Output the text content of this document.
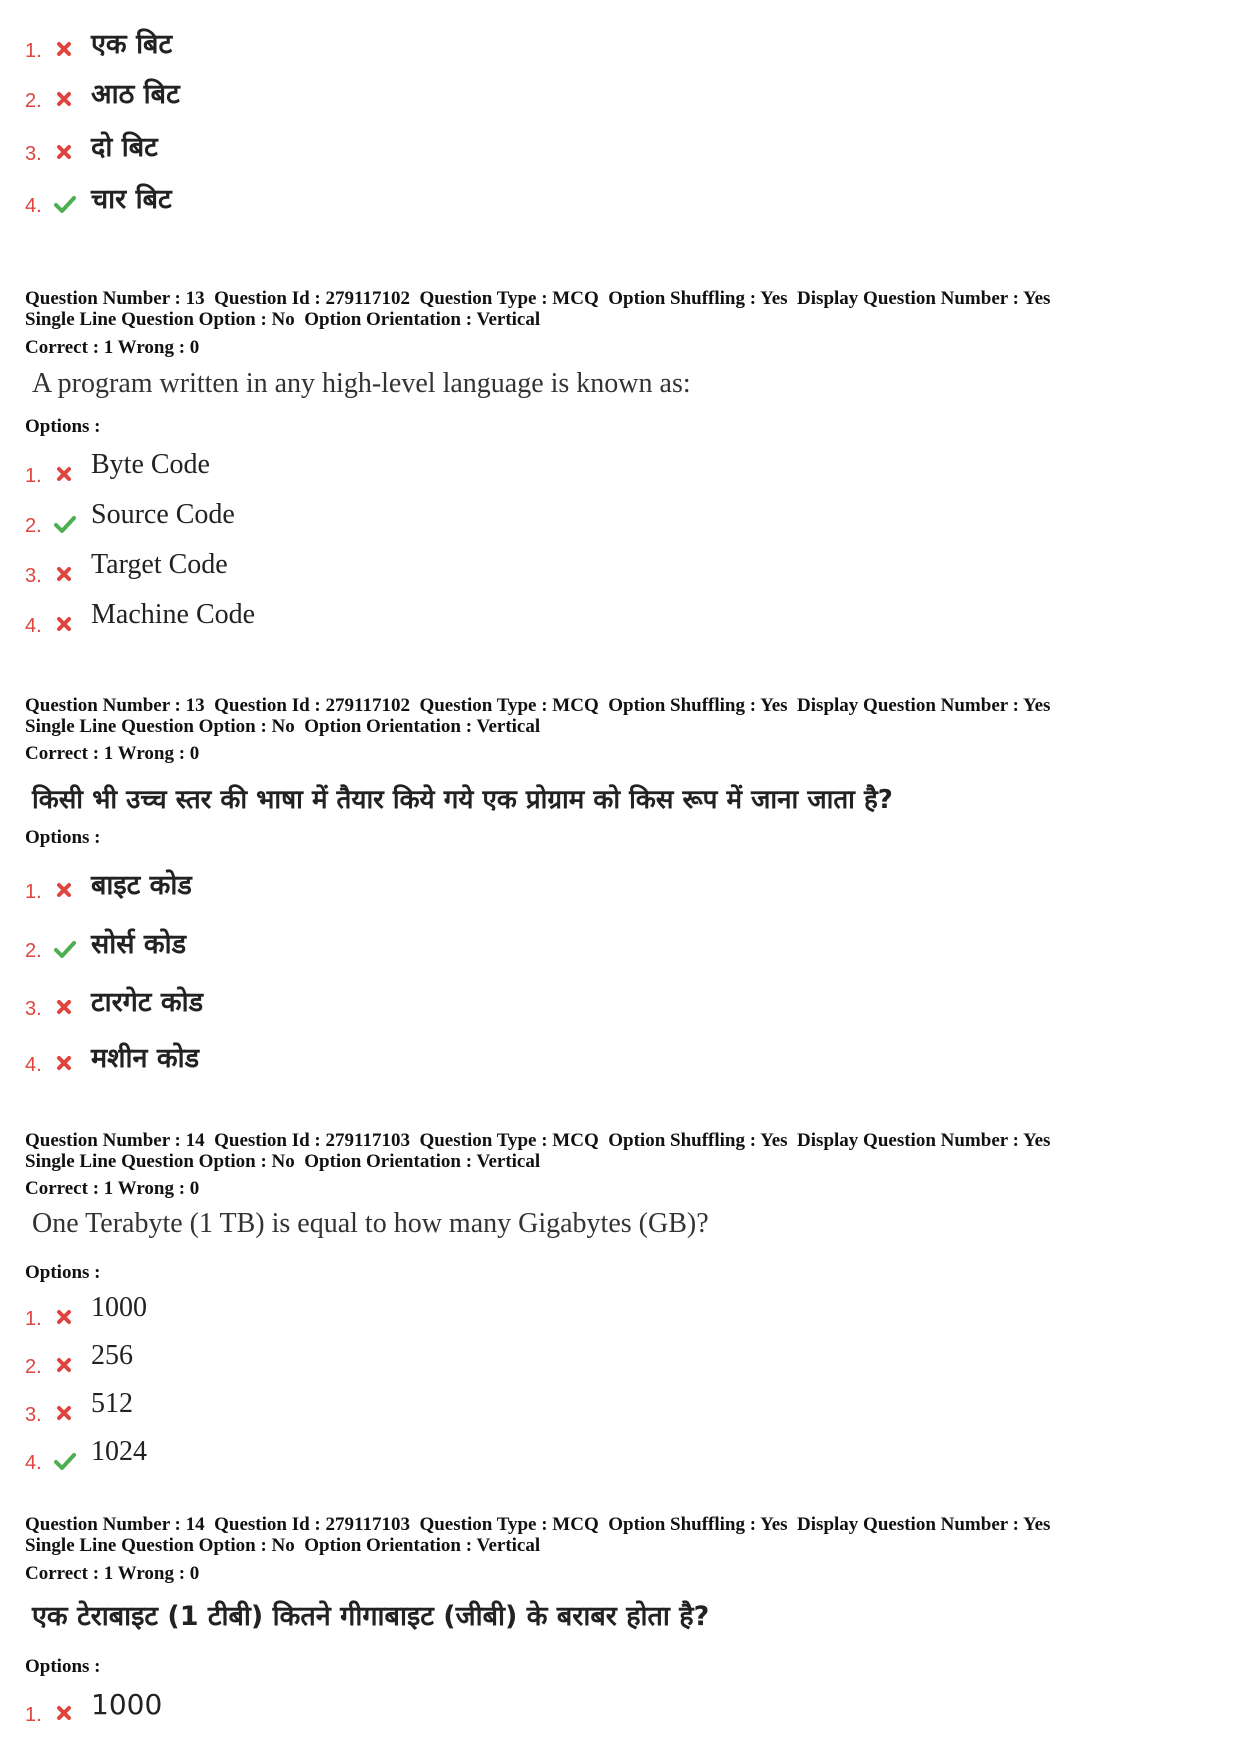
1. एक बिट
2. आठ बिट
3. दो बिट
4. चार बिट
Question Number : 13  Question Id : 279117102  Question Type : MCQ  Option Shuffling : Yes  Display Question Number : Yes
Single Line Question Option : No  Option Orientation : Vertical
Correct : 1 Wrong : 0
A program written in any high-level language is known as:
Options :
1. Byte Code
2. Source Code
3. Target Code
4. Machine Code
Question Number : 13  Question Id : 279117102  Question Type : MCQ  Option Shuffling : Yes  Display Question Number : Yes
Single Line Question Option : No  Option Orientation : Vertical
Correct : 1 Wrong : 0
किसी भी उच्च स्तर की भाषा में तैयार किये गये एक प्रोग्राम को किस रूप में जाना जाता है?
Options :
1. बाइट कोड
2. सोर्स कोड
3. टारगेट कोड
4. मशीन कोड
Question Number : 14  Question Id : 279117103  Question Type : MCQ  Option Shuffling : Yes  Display Question Number : Yes
Single Line Question Option : No  Option Orientation : Vertical
Correct : 1 Wrong : 0
One Terabyte (1 TB) is equal to how many Gigabytes (GB)?
Options :
1. 1000
2. 256
3. 512
4. 1024
Question Number : 14  Question Id : 279117103  Question Type : MCQ  Option Shuffling : Yes  Display Question Number : Yes
Single Line Question Option : No  Option Orientation : Vertical
Correct : 1 Wrong : 0
एक टेराबाइट (1 टीबी) कितने गीगाबाइट (जीबी) के बराबर होता है?
Options :
1. 1000
